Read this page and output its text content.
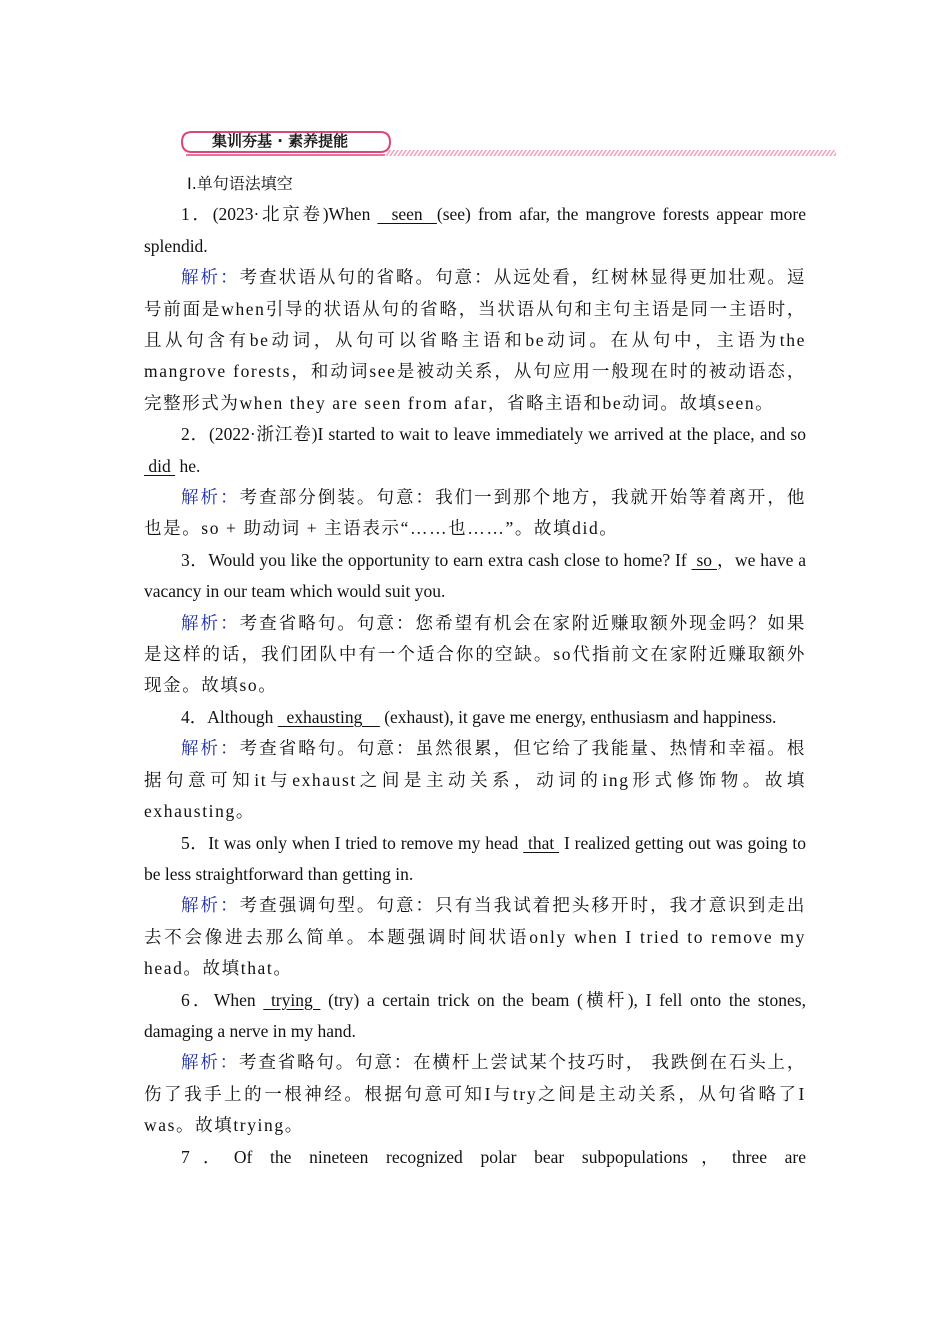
集训夯基 · 素养提能
Ⅰ.单句语法填空

1．(2023·北京卷)When   seen  (see) from afar, the mangrove forests appear more splendid.

解析：考查状语从句的省略。句意：从远处看，红树林显得更加壮观。逗号前面是when引导的状语从句的省略，当状语从句和主句主语是同一主语时，且从句含有be动词，从句可以省略主语和be动词。在从句中，主语为the mangrove forests，和动词see是被动关系，从句应用一般现在时的被动语态，完整形式为when they are seen from afar，省略主语和be动词。故填seen。

2．(2022·浙江卷)I started to wait to leave immediately we arrived at the place, and so  did  he.

解析：考查部分倒装。句意：我们一到那个地方，我就开始等着离开，他也是。so + 助动词 + 主语表示“……也……”。故填did。

3．Would you like the opportunity to earn extra cash close to home? If  so ，we have a vacancy in our team which would suit you.

解析：考查省略句。句意：您希望有机会在家附近赚取额外现金吗？如果是这样的话，我们团队中有一个适合你的空缺。so代指前文在家附近赚取额外现金。故填so。

4．Although   exhausting     (exhaust), it gave me energy, enthusiasm and happiness.

解析：考查省略句。句意：虽然很累，但它给了我能量、热情和幸福。根据句意可知it与exhaust之间是主动关系，动词的ing形式修饰物。故填exhausting。

5．It was only when I tried to remove my head  that  I realized getting out was going to be less straightforward than getting in.

解析：考查强调句型。句意：只有当我试着把头移开时，我才意识到走出去不会像进去那么简单。本题强调时间状语only when I tried to remove my head。故填that。

6．When  trying  (try) a certain trick on the beam (横杆), I fell onto the stones, damaging a nerve in my hand.

解析：考查省略句。句意：在横杆上尝试某个技巧时， 我跌倒在石头上，伤了我手上的一根神经。根据句意可知I与try之间是主动关系，从句省略了I was。故填trying。

7．Of the nineteen recognized polar bear subpopulations，three are
